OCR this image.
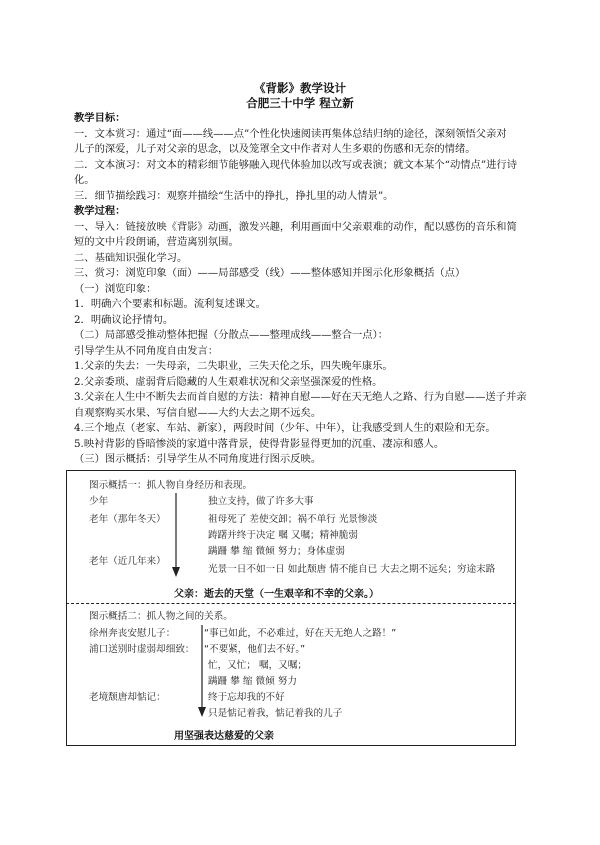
《背影》教学设计
合肥三十中学 程立新
教学目标：
一．文本赏习：通过“面——线——点”个性化快速阅读再集体总结归纳的途径，深刻领悟父亲对
儿子的深爱，儿子对父亲的思念，以及笼罩全文中作者对人生多艰的伤感和无奈的情绪。
二．文本演习：对文本的精彩细节能够融入现代体验加以改写或表演；就文本某个“动情点”进行诗
化。
三．细节描绘践习：观察并描绘“生活中的挣扎，挣扎里的动人情景”。
教学过程：
一、导入：链接放映《背影》动画，激发兴趣，利用画面中父亲艰难的动作，配以感伤的音乐和简
短的文中片段朗诵，营造离别氛围。
二、基础知识强化学习。
三、赏习：浏览印象（面）——局部感受（线）——整体感知并图示化形象概括（点）
（一）浏览印象：
1．明确六个要素和标题。流利复述课文。
2．明确议论抒情句。
（二）局部感受推动整体把握（分散点——整理成线——整合一点）：
引导学生从不同角度自由发言：
1.父亲的失去：一失母亲，二失职业，三失天伦之乐，四失晚年康乐。
2.父亲委琐、虚弱背后隐藏的人生艰难状况和父亲坚强深爱的性格。
3.父亲在人生中不断失去而首自慰的方法：精神自慰——好在天无绝人之路、行为自慰——送子并亲
自观察购买水果、写信自慰——大约大去之期不远矣。
4.三个地点（老家、车站、新家），两段时间（少年、中年），让我感受到人生的艰险和无奈。
5.映衬背影的昏暗惨淡的家道中落背景，使得背影显得更加的沉重、凄凉和感人。
（三）图示概括：引导学生从不同角度进行图示反映。
图示概括一：抓人物自身经历和表现。
少年
老年（那年冬天）
老年（近几年来）
独立支持，做了许多大事
祖母死了 差使交卸；祸不单行 光景惨淡
踌躇并终于决定 嘱 又嘱；精神脆弱
蹒跚 攀 缩 微倾 努力；身体虚弱
光景一日不如一日 如此颓唐 情不能自已 大去之期不远矣；穷途末路
父亲：逝去的天堂（一生艰辛和不幸的父亲。）
图示概括二：抓人物之间的关系。
徐州奔丧安慰儿子：
浦口送别时虚弱却细致：
老境颓唐却惦记：
“事已如此，不必难过，好在天无绝人之路！”
“不要紧，他们去不好。”
忙，又忙； 嘱，又嘱；
蹒跚 攀 缩 微倾 努力
终于忘却我的不好
只是惦记着我，惦记着我的儿子
用坚强表达慈爱的父亲
